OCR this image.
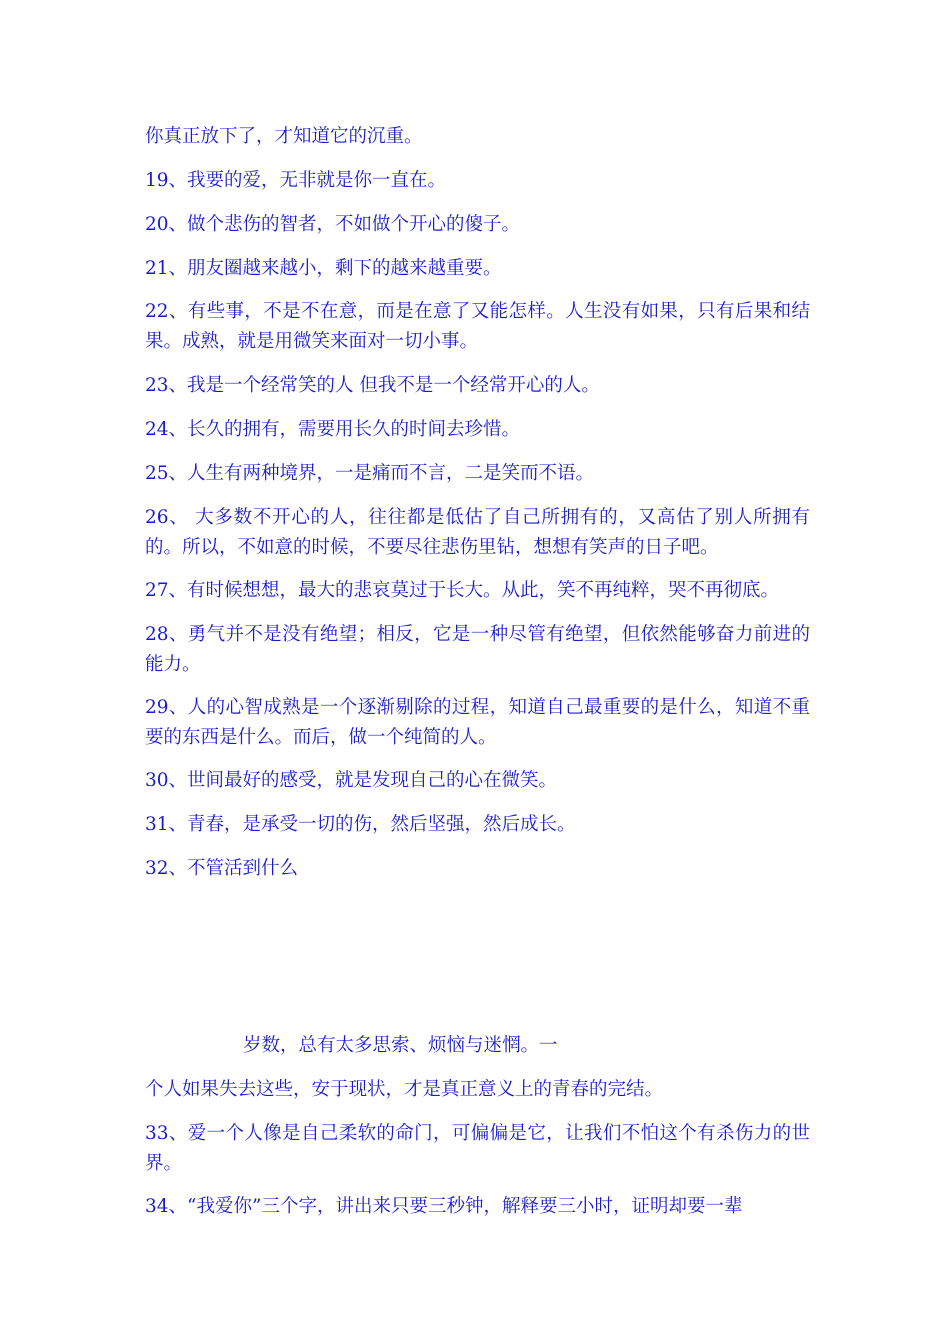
你真正放下了，才知道它的沉重。

19、我要的爱，无非就是你一直在。

20、做个悲伤的智者，不如做个开心的傻子。

21、朋友圈越来越小，剩下的越来越重要。

22、有些事，不是不在意，而是在意了又能怎样。人生没有如果，只有后果和结果。成熟，就是用微笑来面对一切小事。

23、我是一个经常笑的人 但我不是一个经常开心的人。

24、长久的拥有，需要用长久的时间去珍惜。

25、人生有两种境界，一是痛而不言，二是笑而不语。

26、 大多数不开心的人，往往都是低估了自己所拥有的，又高估了别人所拥有的。所以，不如意的时候，不要尽往悲伤里钻，想想有笑声的日子吧。

27、有时候想想，最大的悲哀莫过于长大。从此，笑不再纯粹，哭不再彻底。

28、勇气并不是没有绝望；相反，它是一种尽管有绝望，但依然能够奋力前进的能力。

29、人的心智成熟是一个逐渐剔除的过程，知道自己最重要的是什么，知道不重要的东西是什么。而后，做一个纯简的人。

30、世间最好的感受，就是发现自己的心在微笑。

31、青春，是承受一切的伤，然后坚强，然后成长。

32、不管活到什么

岁数，总有太多思索、烦恼与迷惘。一

个人如果失去这些，安于现状，才是真正意义上的青春的完结。

33、爱一个人像是自己柔软的命门，可偏偏是它，让我们不怕这个有杀伤力的世界。

34、“我爱你”三个字，讲出来只要三秒钟，解释要三小时，证明却要一辈
